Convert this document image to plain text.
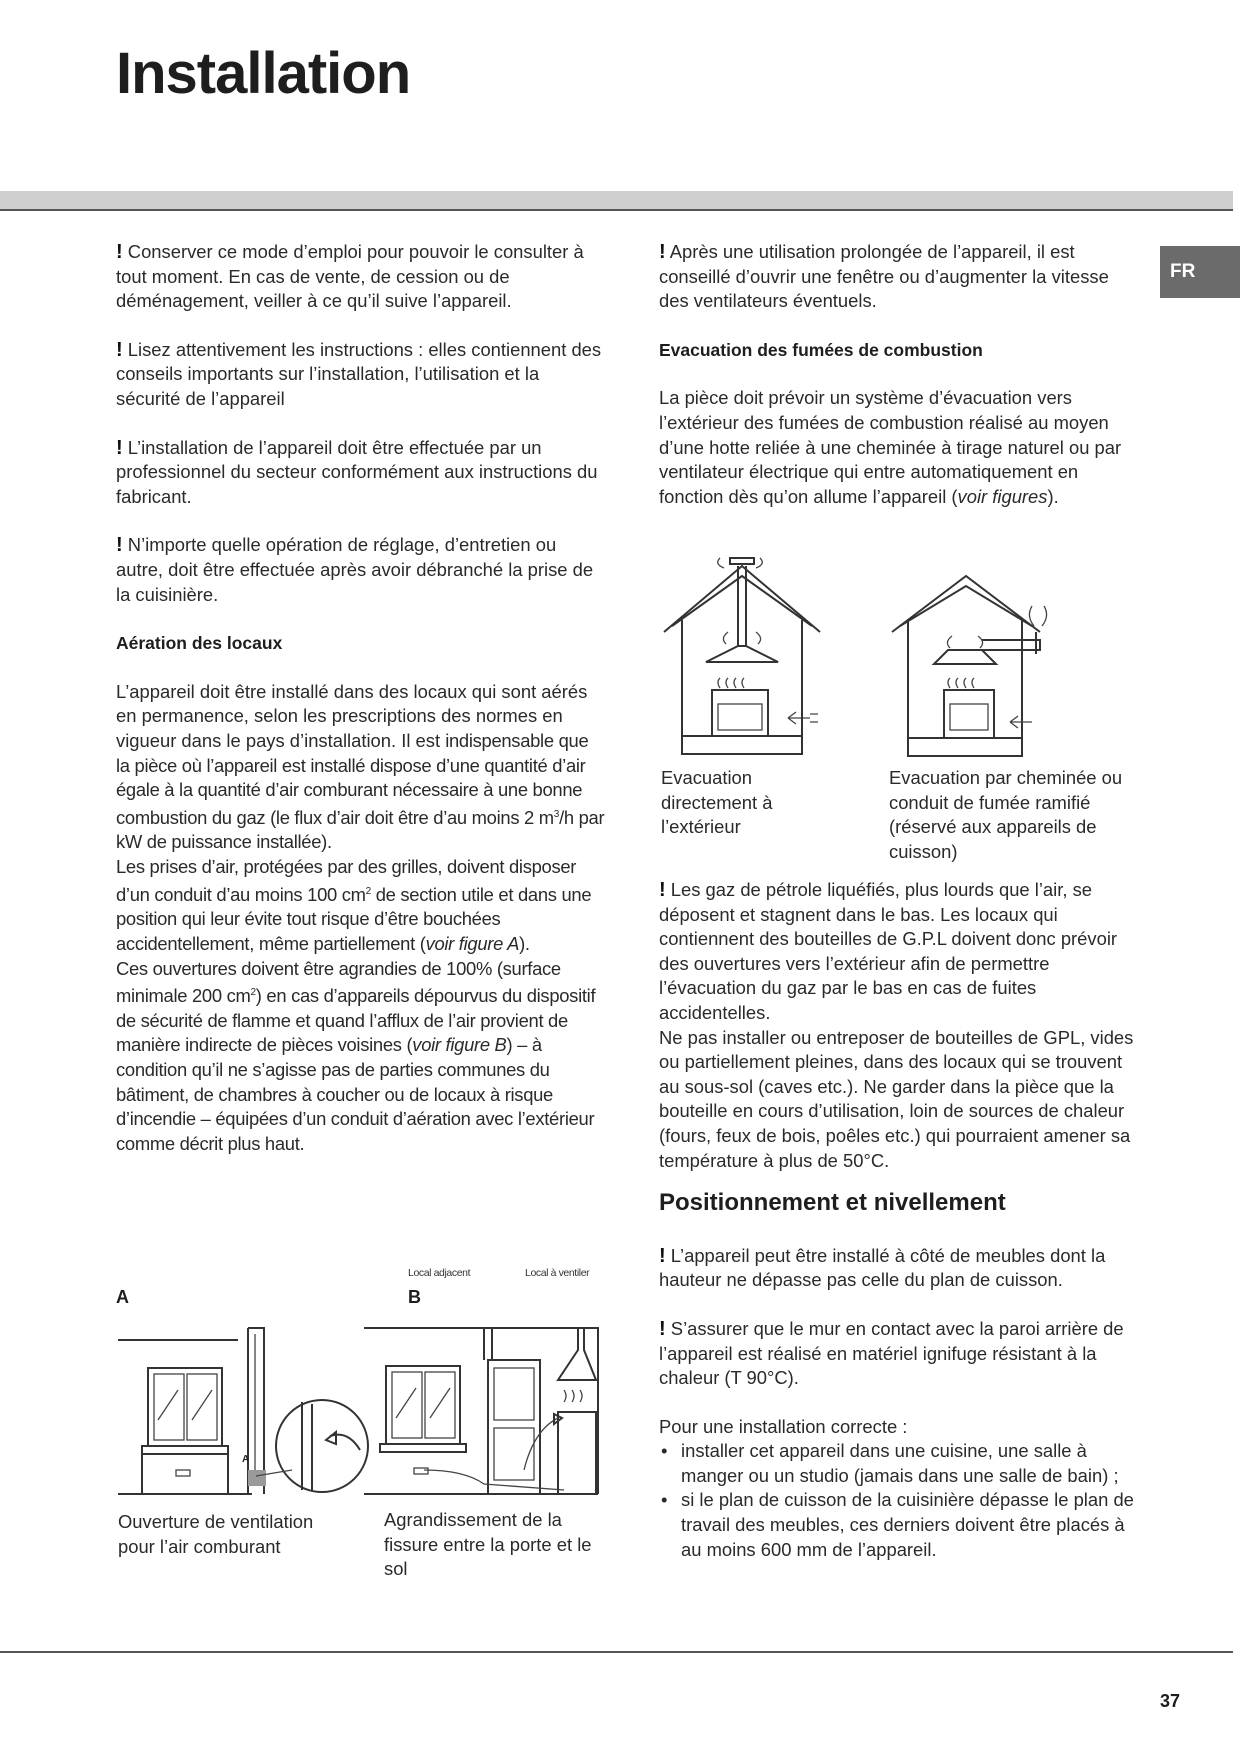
Installation
FR

! Conserver ce mode d’emploi pour pouvoir le consulter à tout moment. En cas de vente, de cession ou de déménagement, veiller à ce qu’il suive l’appareil.

! Lisez attentivement les instructions : elles contiennent des conseils importants sur l’installation, l’utilisation et la sécurité de l’appareil

! L’installation de l’appareil doit être effectuée par un professionnel du secteur conformément aux instructions du fabricant.

! N’importe quelle opération de réglage, d’entretien ou autre, doit être effectuée après avoir débranché la prise de la cuisinière.

Aération des locaux
L’appareil doit être installé dans des locaux qui sont aérés en permanence, selon les prescriptions des normes en vigueur dans le pays d’installation. Il est indispensable que la pièce où l’appareil est installé dispose d’une quantité d’air égale à la quantité d’air comburant nécessaire à une bonne combustion du gaz (le flux d’air doit être d’au moins 2 $m^3/h$ par kW de puissance installée).
Les prises d’air, protégées par des grilles, doivent disposer d’un conduit d’au moins 100 $cm^2$ de section utile et dans une position qui leur évite tout risque d’être bouchées accidentellement, même partiellement (voir figure A).
Ces ouvertures doivent être agrandies de 100% (surface minimale 200 $cm^2$) en cas d’appareils dépourvus du dispositif de sécurité de flamme et quand l’afflux de l’air provient de manière indirecte de pièces voisines (voir figure B) – à condition qu’il ne s’agisse pas de parties communes du bâtiment, de chambres à coucher ou de locaux à risque d’incendie – équipées d’un conduit d’aération avec l’extérieur comme décrit plus haut.
Local adjacent	Local à ventiler
A	B
A
Ouverture de ventilation pour l’air comburant
Agrandissement de la fissure entre la porte et le sol

! Après une utilisation prolongée de l’appareil, il est conseillé d’ouvrir une fenêtre ou d’augmenter la vitesse des ventilateurs éventuels.

Evacuation des fumées de combustion
La pièce doit prévoir un système d’évacuation vers l’extérieur des fumées de combustion réalisé au moyen d’une hotte reliée à une cheminée à tirage naturel ou par ventilateur électrique qui entre automatiquement en fonction dès qu’on allume l’appareil (voir figures).
Evacuation directement à l’extérieur
Evacuation par cheminée ou conduit de fumée ramifié (réservé aux appareils de cuisson)
! Les gaz de pétrole liquéfiés, plus lourds que l’air, se déposent et stagnent dans le bas. Les locaux qui contiennent des bouteilles de G.P.L doivent donc prévoir des ouvertures vers l’extérieur afin de permettre l’évacuation du gaz par le bas en cas de fuites accidentelles.
Ne pas installer ou entreposer de bouteilles de GPL, vides ou partiellement pleines, dans des locaux qui se trouvent au sous-sol (caves etc.). Ne garder dans la pièce que la bouteille en cours d’utilisation, loin de sources de chaleur (fours, feux de bois, poêles etc.) qui pourraient amener sa température à plus de 50°C.
Positionnement et nivellement

! L’appareil peut être installé à côté de meubles dont la hauteur ne dépasse pas celle du plan de cuisson.

! S’assurer que le mur en contact avec la paroi arrière de l’appareil est réalisé en matériel ignifuge résistant à la chaleur (T 90°C).

Pour une installation correcte :
• installer cet appareil dans une cuisine, une salle à manger ou un studio (jamais dans une salle de bain) ;
• si le plan de cuisson de la cuisinière dépasse le plan de travail des meubles, ces derniers doivent être placés à au moins 600 mm de l’appareil.
37
